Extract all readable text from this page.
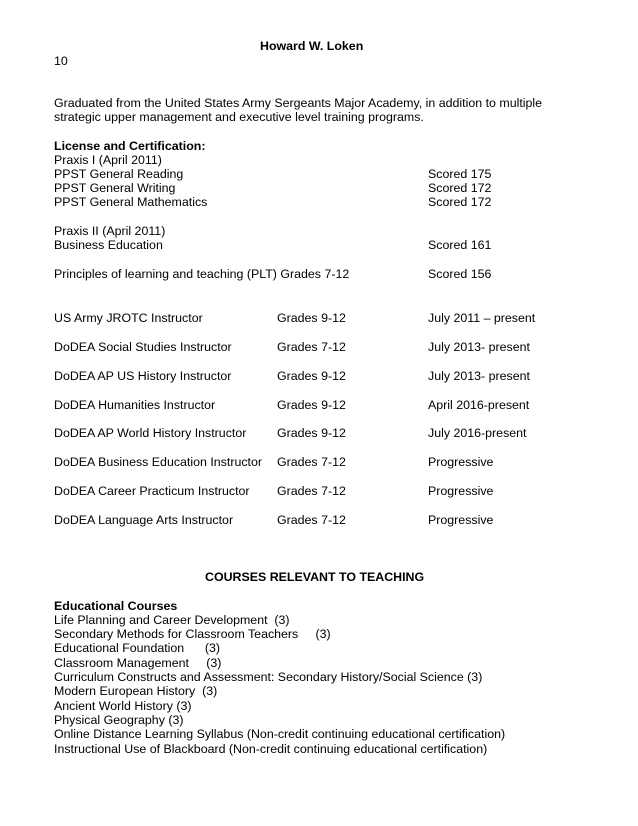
Howard W. Loken
10
Graduated from the United States Army Sergeants Major Academy, in addition to multiple
strategic upper management and executive level training programs.
License and Certification:
Praxis I (April 2011)
PPST General Reading	Scored 175
PPST General Writing	Scored 172
PPST General Mathematics	Scored 172
Praxis II (April 2011)
Business Education	Scored 161
Principles of learning and teaching (PLT) Grades 7-12	Scored 156
US Army JROTC Instructor	Grades 9-12	July 2011 – present
DoDEA Social Studies Instructor	Grades 7-12	July 2013- present
DoDEA AP US History Instructor	Grades 9-12	July 2013- present
DoDEA Humanities Instructor	Grades 9-12	April 2016-present
DoDEA AP World History Instructor Grades 9-12	July 2016-present
DoDEA Business Education Instructor Grades 7-12	Progressive
DoDEA Career Practicum Instructor Grades 7-12	Progressive
DoDEA Language Arts Instructor	Grades 7-12	Progressive
COURSES RELEVANT TO TEACHING
Educational Courses
Life Planning and Career Development  (3)
Secondary Methods for Classroom Teachers     (3)
Educational Foundation      (3)
Classroom Management     (3)
Curriculum Constructs and Assessment: Secondary History/Social Science (3)
Modern European History  (3)
Ancient World History (3)
Physical Geography (3)
Online Distance Learning Syllabus (Non-credit continuing educational certification)
Instructional Use of Blackboard (Non-credit continuing educational certification)
